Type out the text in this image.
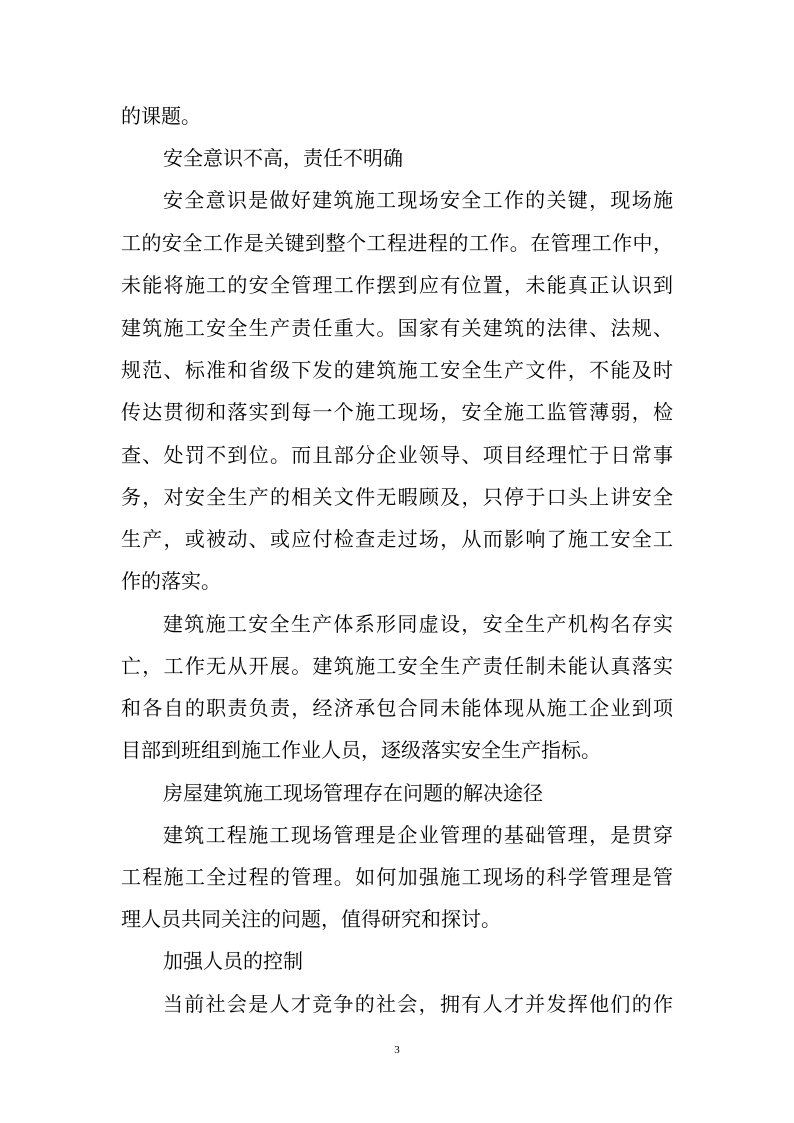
的课题。
安全意识不高，责任不明确
安全意识是做好建筑施工现场安全工作的关键，现场施
工的安全工作是关键到整个工程进程的工作。在管理工作中，
未能将施工的安全管理工作摆到应有位置，未能真正认识到
建筑施工安全生产责任重大。国家有关建筑的法律、法规、
规范、标准和省级下发的建筑施工安全生产文件，不能及时
传达贯彻和落实到每一个施工现场，安全施工监管薄弱，检
查、处罚不到位。而且部分企业领导、项目经理忙于日常事
务，对安全生产的相关文件无暇顾及，只停于口头上讲安全
生产，或被动、或应付检查走过场，从而影响了施工安全工
作的落实。
建筑施工安全生产体系形同虚设，安全生产机构名存实
亡，工作无从开展。建筑施工安全生产责任制未能认真落实
和各自的职责负责，经济承包合同未能体现从施工企业到项
目部到班组到施工作业人员，逐级落实安全生产指标。
房屋建筑施工现场管理存在问题的解决途径
建筑工程施工现场管理是企业管理的基础管理，是贯穿
工程施工全过程的管理。如何加强施工现场的科学管理是管
理人员共同关注的问题，值得研究和探讨。
加强人员的控制
当前社会是人才竞争的社会，拥有人才并发挥他们的作
3
